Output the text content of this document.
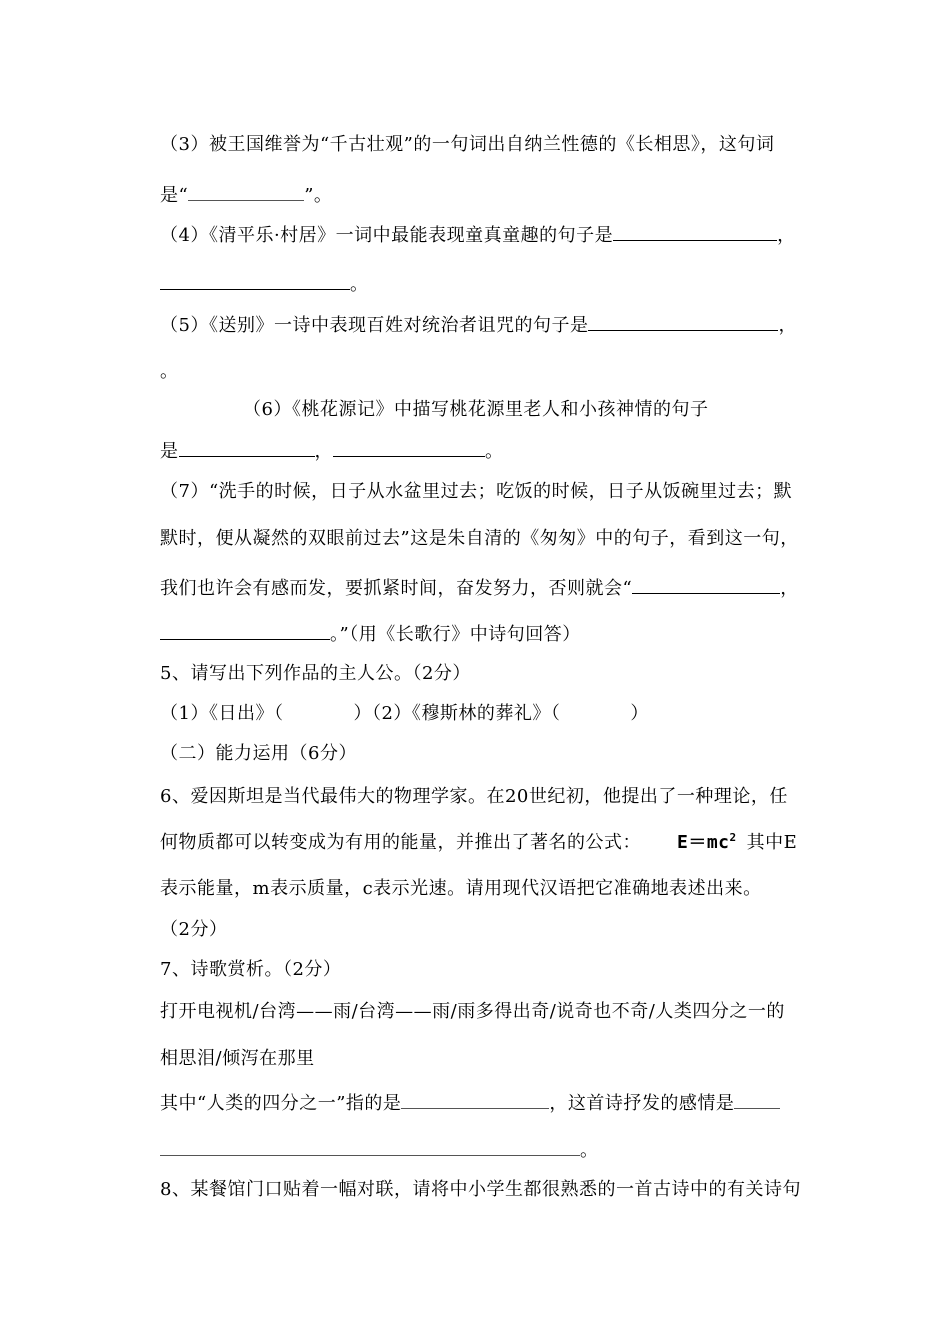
（3）被王国维誉为“千古壮观”的一句词出自纳兰性德的《长相思》，这句词
是“	”。
（4）《清平乐·村居》一词中最能表现童真童趣的句子是	，
。
（5）《送别》一诗中表现百姓对统治者诅咒的句子是	，
。
（6）《桃花源记》中描写桃花源里老人和小孩神情的句子
是	，	。
（7）“洗手的时候，日子从水盆里过去；吃饭的时候，日子从饭碗里过去；默
默时，便从凝然的双眼前过去”这是朱自清的《匆匆》中的句子，看到这一句，
我们也许会有感而发，要抓紧时间，奋发努力，否则就会“	，
。”（用《长歌行》中诗句回答）
5、请写出下列作品的主人公。（2分）
（1）《日出》（	）（2）《穆斯林的葬礼》（	）
（二）能力运用（6分）
6、爱因斯坦是当代最伟大的物理学家。在20世纪初，他提出了一种理论，任
何物质都可以转变成为有用的能量，并推出了著名的公式： $E=mc^2$ 其中E
表示能量，m表示质量，c表示光速。请用现代汉语把它准确地表述出来。
（2分）
7、诗歌赏析。（2分）
打开电视机/台湾——雨/台湾——雨/雨多得出奇/说奇也不奇/人类四分之一的
相思泪/倾泻在那里
其中“人类的四分之一”指的是	，这首诗抒发的感情是
。
8、某餐馆门口贴着一幅对联，请将中小学生都很熟悉的一首古诗中的有关诗句
